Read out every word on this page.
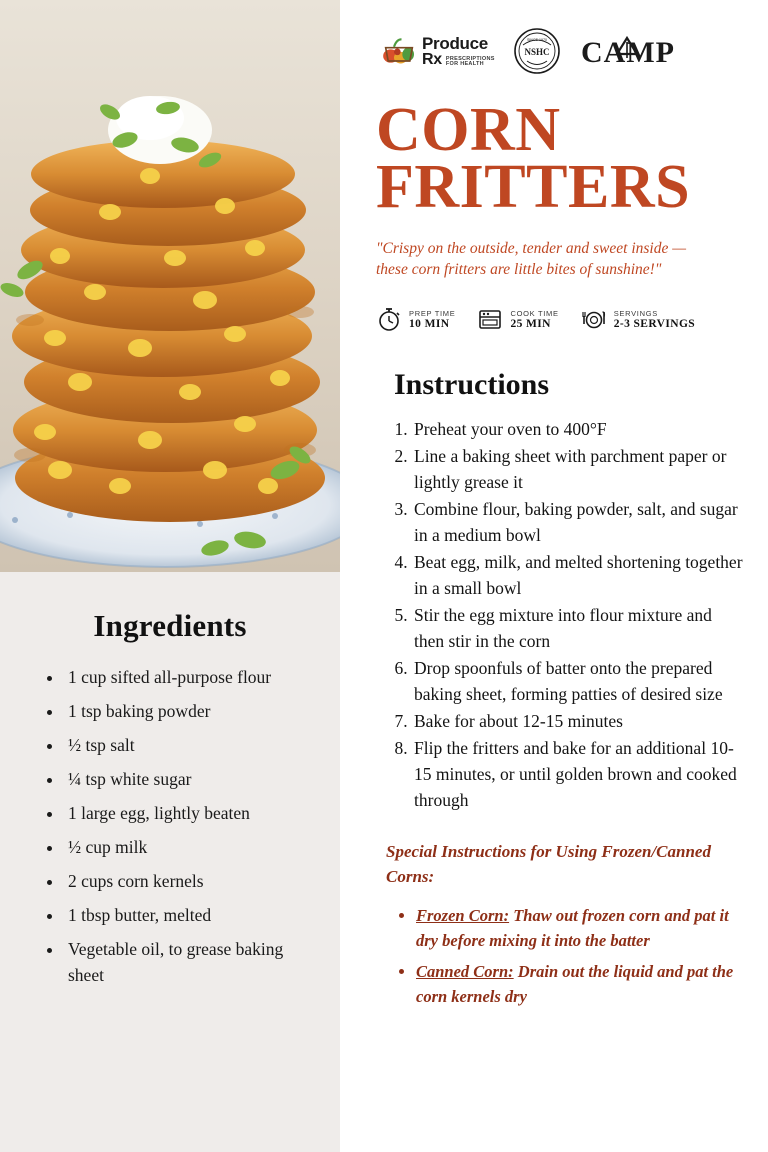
Ingredients
• 1 cup sifted all-purpose flour
• 1 tsp baking powder
• ½ tsp salt
• ¼ tsp white sugar
• 1 large egg, lightly beaten
• ½ cup milk
• 2 cups corn kernels
• 1 tbsp butter, melted
• Vegetable oil, to grease baking sheet
Produce
Rx PRESCRIPTIONS
FOR HEALTH
NSHC
SINCE 1970 CAMP
CORN
FRITTERS
"Crispy on the outside, tender and sweet inside — these corn fritters are little bites of sunshine!"
PREP TIME
10 MIN
COOK TIME
25 MIN
SERVINGS
2-3 SERVINGS
Instructions
1. Preheat your oven to 400°F
2. Line a baking sheet with parchment paper or lightly grease it
3. Combine flour, baking powder, salt, and sugar in a medium bowl
4. Beat egg, milk, and melted shortening together in a small bowl
5. Stir the egg mixture into flour mixture and then stir in the corn
6. Drop spoonfuls of batter onto the prepared baking sheet, forming patties of desired size
7. Bake for about 12-15 minutes
8. Flip the fritters and bake for an additional 10-15 minutes, or until golden brown and cooked through
Special Instructions for Using Frozen/Canned Corns:
• Frozen Corn: Thaw out frozen corn and pat it dry before mixing it into the batter
• Canned Corn: Drain out the liquid and pat the corn kernels dry
